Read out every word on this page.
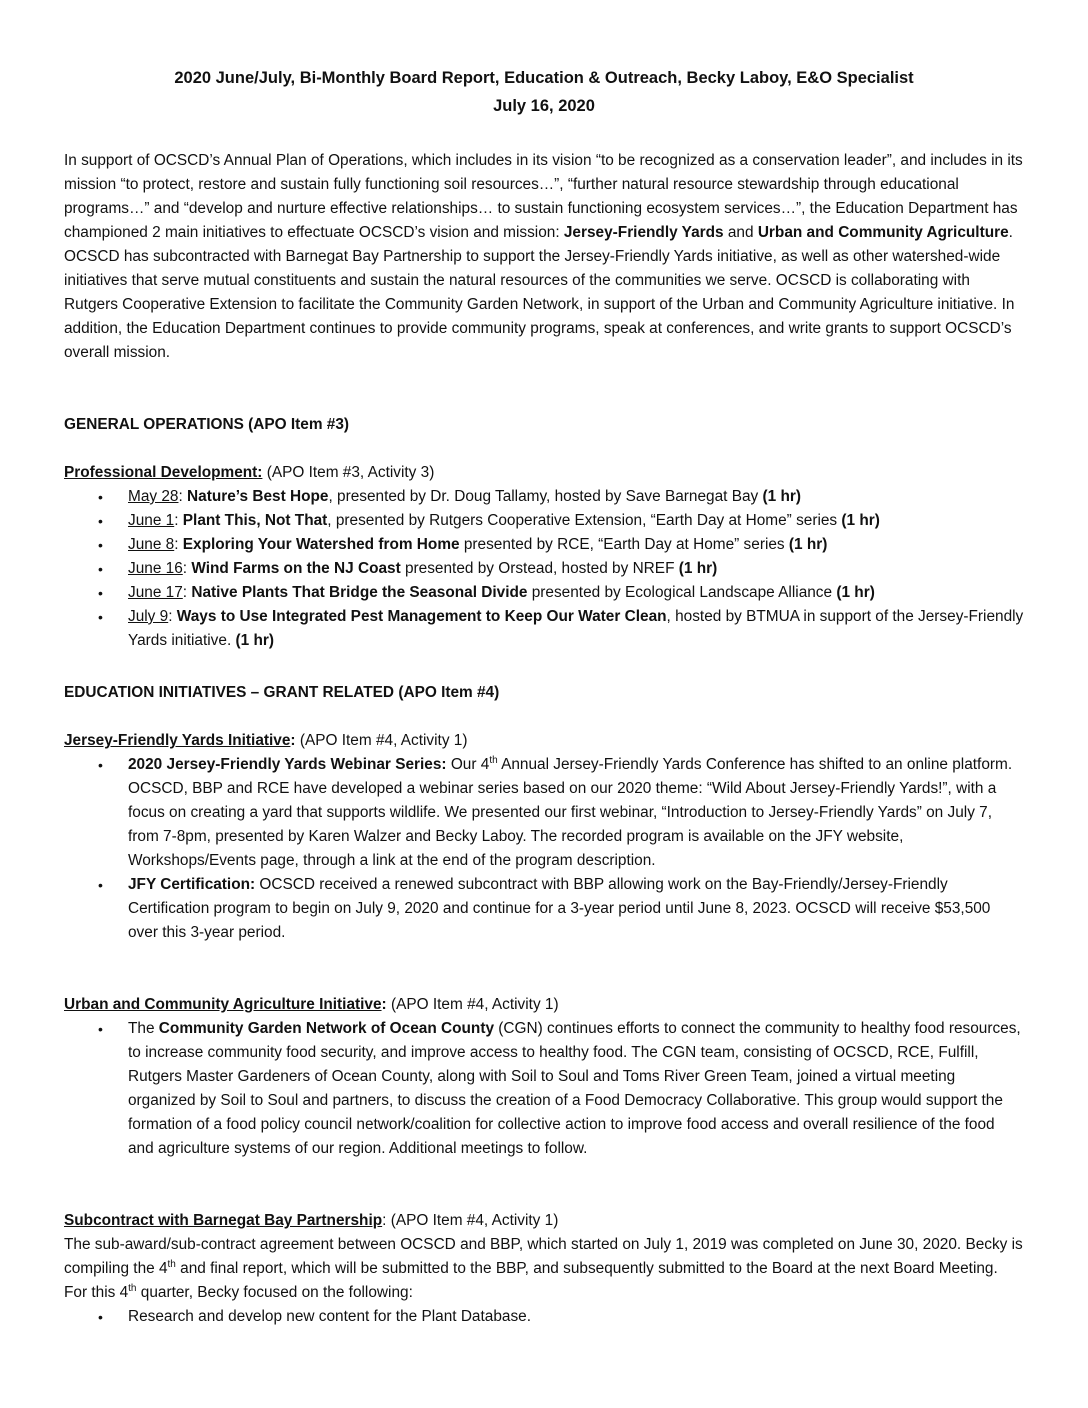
2020 June/July, Bi-Monthly Board Report, Education & Outreach, Becky Laboy, E&O Specialist
July 16, 2020

In support of OCSCD’s Annual Plan of Operations, which includes in its vision “to be recognized as a conservation leader”, and includes in its mission “to protect, restore and sustain fully functioning soil resources…”, “further natural resource stewardship through educational programs…” and “develop and nurture effective relationships… to sustain functioning ecosystem services…”, the Education Department has championed 2 main initiatives to effectuate OCSCD’s vision and mission: Jersey-Friendly Yards and Urban and Community Agriculture. OCSCD has subcontracted with Barnegat Bay Partnership to support the Jersey-Friendly Yards initiative, as well as other watershed-wide initiatives that serve mutual constituents and sustain the natural resources of the communities we serve. OCSCD is collaborating with Rutgers Cooperative Extension to facilitate the Community Garden Network, in support of the Urban and Community Agriculture initiative. In addition, the Education Department continues to provide community programs, speak at conferences, and write grants to support OCSCD’s overall mission.

GENERAL OPERATIONS (APO Item #3)

Professional Development: (APO Item #3, Activity 3)

• May 28: Nature’s Best Hope, presented by Dr. Doug Tallamy, hosted by Save Barnegat Bay (1 hr)
• June 1: Plant This, Not That, presented by Rutgers Cooperative Extension, “Earth Day at Home” series (1 hr)
• June 8: Exploring Your Watershed from Home presented by RCE, “Earth Day at Home” series (1 hr)
• June 16: Wind Farms on the NJ Coast presented by Orstead, hosted by NREF (1 hr)
• June 17: Native Plants That Bridge the Seasonal Divide presented by Ecological Landscape Alliance (1 hr)
• July 9: Ways to Use Integrated Pest Management to Keep Our Water Clean, hosted by BTMUA in support of the Jersey-Friendly Yards initiative. (1 hr)
EDUCATION INITIATIVES – GRANT RELATED (APO Item #4)

Jersey-Friendly Yards Initiative: (APO Item #4, Activity 1)

• 2020 Jersey-Friendly Yards Webinar Series: Our 4th Annual Jersey-Friendly Yards Conference has shifted to an online platform. OCSCD, BBP and RCE have developed a webinar series based on our 2020 theme: “Wild About Jersey-Friendly Yards!”, with a focus on creating a yard that supports wildlife. We presented our first webinar, “Introduction to Jersey-Friendly Yards” on July 7, from 7-8pm, presented by Karen Walzer and Becky Laboy. The recorded program is available on the JFY website, Workshops/Events page, through a link at the end of the program description.
• JFY Certification: OCSCD received a renewed subcontract with BBP allowing work on the Bay-Friendly/Jersey-Friendly Certification program to begin on July 9, 2020 and continue for a 3-year period until June 8, 2023. OCSCD will receive $53,500 over this 3-year period.

Urban and Community Agriculture Initiative: (APO Item #4, Activity 1)

• The Community Garden Network of Ocean County (CGN) continues efforts to connect the community to healthy food resources, to increase community food security, and improve access to healthy food. The CGN team, consisting of OCSCD, RCE, Fulfill, Rutgers Master Gardeners of Ocean County, along with Soil to Soul and Toms River Green Team, joined a virtual meeting organized by Soil to Soul and partners, to discuss the creation of a Food Democracy Collaborative. This group would support the formation of a food policy council network/coalition for collective action to improve food access and overall resilience of the food and agriculture systems of our region. Additional meetings to follow.

Subcontract with Barnegat Bay Partnership: (APO Item #4, Activity 1)

The sub-award/sub-contract agreement between OCSCD and BBP, which started on July 1, 2019 was completed on June 30, 2020. Becky is compiling the 4th and final report, which will be submitted to the BBP, and subsequently submitted to the Board at the next Board Meeting. For this 4th quarter, Becky focused on the following:

• Research and develop new content for the Plant Database.
